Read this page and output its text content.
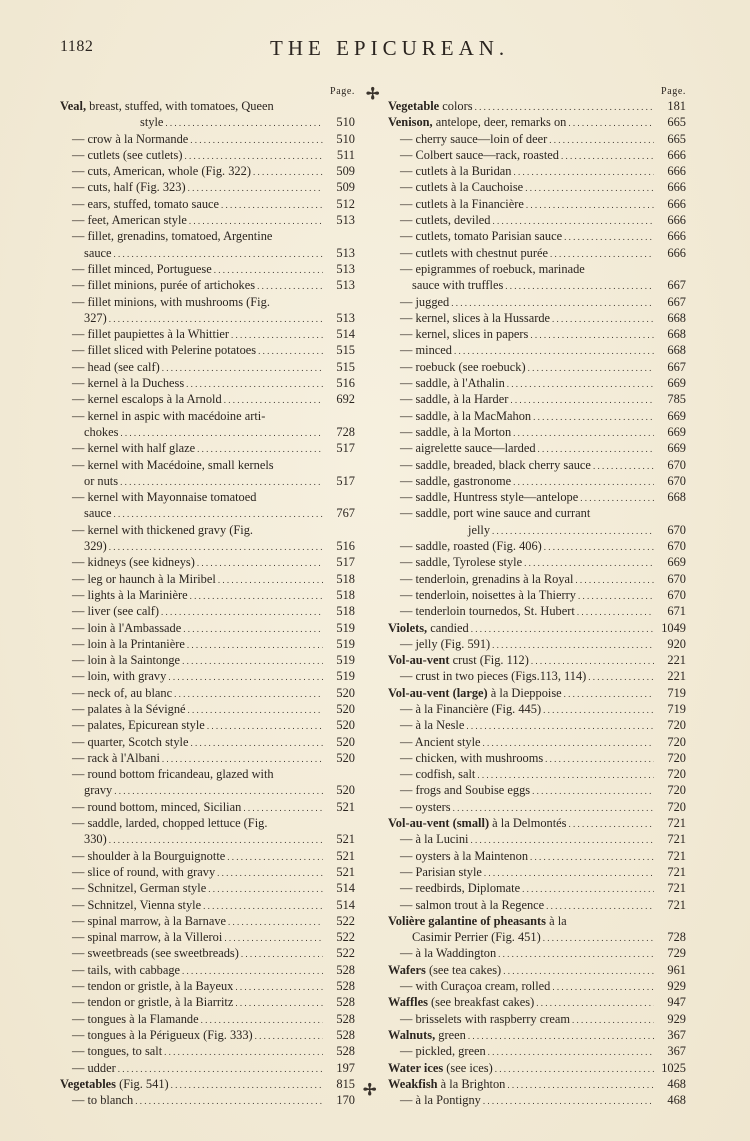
1182	THE EPICUREAN.
✢
✢
Page.
Veal, breast, stuffed, with tomatoes, Queen
style . . .	510
— crow à la Normande . . .	510
— cutlets (see cutlets) . . .	511
— cuts, American, whole (Fig. 322) . . .	509
— cuts, half (Fig. 323) . . .	509
— ears, stuffed, tomato sauce . . .	512
— feet, American style . . .	513
— fillet, grenadins, tomatoed, Argentine
sauce . . .	513
— fillet minced, Portuguese . . .	513
— fillet minions, purée of artichokes . . .	513
— fillet minions, with mushrooms (Fig.
327) . . .	513
— fillet paupiettes à la Whittier . . .	514
— fillet sliced with Pelerine potatoes . . .	515
— head (see calf) . . .	515
— kernel à la Duchess . . .	516
— kernel escalops à la Arnold . . .	692
— kernel in aspic with macédoine arti-
chokes . . .	728
— kernel with half glaze . . .	517
— kernel with Macédoine, small kernels
or nuts . . .	517
— kernel with Mayonnaise tomatoed
sauce . . .	767
— kernel with thickened gravy (Fig.
329) . . .	516
— kidneys (see kidneys) . . .	517
— leg or haunch à la Miribel . . .	518
— lights à la Marinière . . .	518
— liver (see calf) . . .	518
— loin à l'Ambassade . . .	519
— loin à la Printanière . . .	519
— loin à la Saintonge . . .	519
— loin, with gravy . . .	519
— neck of, au blanc . . .	520
— palates à la Sévigné . . .	520
— palates, Epicurean style . . .	520
— quarter, Scotch style . . .	520
— rack à l'Albani . . .	520
— round bottom fricandeau, glazed with
gravy . . .	520
— round bottom, minced, Sicilian . . .	521
— saddle, larded, chopped lettuce (Fig.
330) . . .	521
— shoulder à la Bourguignotte . . .	521
— slice of round, with gravy . . .	521
— Schnitzel, German style . . .	514
— Schnitzel, Vienna style . . .	514
— spinal marrow, à la Barnave . . .	522
— spinal marrow, à la Villeroi . . .	522
— sweetbreads (see sweetbreads) . . .	522
— tails, with cabbage . . .	528
— tendon or gristle, à la Bayeux . . .	528
— tendon or gristle, à la Biarritz . . .	528
— tongues à la Flamande . . .	528
— tongues à la Périgueux (Fig. 333) . . .	528
— tongues, to salt . . .	528
— udder . . .	197
Vegetables (Fig. 541) . . .	815
— to blanch . . .	170
Page.
Vegetable colors . . .	181
Venison, antelope, deer, remarks on . . .	665
— cherry sauce—loin of deer . . .	665
— Colbert sauce—rack, roasted . . .	666
— cutlets à la Buridan . . .	666
— cutlets à la Cauchoise . . .	666
— cutlets à la Financière . . .	666
— cutlets, deviled . . .	666
— cutlets, tomato Parisian sauce . . .	666
— cutlets with chestnut purée . . .	666
— epigrammes of roebuck, marinade
sauce with truffles . . .	667
— jugged . . .	667
— kernel, slices à la Hussarde . . .	668
— kernel, slices in papers . . .	668
— minced . . .	668
— roebuck (see roebuck) . . .	667
— saddle, à l'Athalin . . .	669
— saddle, à la Harder . . .	785
— saddle, à la MacMahon . . .	669
— saddle, à la Morton . . .	669
— aigrelette sauce—larded . . .	669
— saddle, breaded, black cherry sauce . . .	670
— saddle, gastronome . . .	670
— saddle, Huntress style—antelope . . .	668
— saddle, port wine sauce and currant
jelly . . .	670
— saddle, roasted (Fig. 406) . . .	670
— saddle, Tyrolese style . . .	669
— tenderloin, grenadins à la Royal . . .	670
— tenderloin, noisettes à la Thierry . . .	670
— tenderloin tournedos, St. Hubert . . .	671
Violets, candied . . .	1049
— jelly (Fig. 591) . . .	920
Vol-au-vent crust (Fig. 112) . . .	221
— crust in two pieces (Figs.113, 114) . . .	221
Vol-au-vent (large) à la Dieppoise . . .	719
— à la Financière (Fig. 445) . . .	719
— à la Nesle . . .	720
— Ancient style . . .	720
— chicken, with mushrooms . . .	720
— codfish, salt . . .	720
— frogs and Soubise eggs . . .	720
— oysters . . .	720
Vol-au-vent (small) à la Delmontés . . .	721
— à la Lucini . . .	721
— oysters à la Maintenon . . .	721
— Parisian style . . .	721
— reedbirds, Diplomate . . .	721
— salmon trout à la Regence . . .	721
Volière galantine of pheasants à la
Casimir Perrier (Fig. 451) . . .	728
— à la Waddington . . .	729
Wafers (see tea cakes) . . .	961
— with Curaçoa cream, rolled . . .	929
Waffles (see breakfast cakes) . . .	947
— brisselets with raspberry cream . . .	929
Walnuts, green . . .	367
— pickled, green . . .	367
Water ices (see ices) . . .	1025
Weakfish à la Brighton . . .	468
— à la Pontigny . . .	468
